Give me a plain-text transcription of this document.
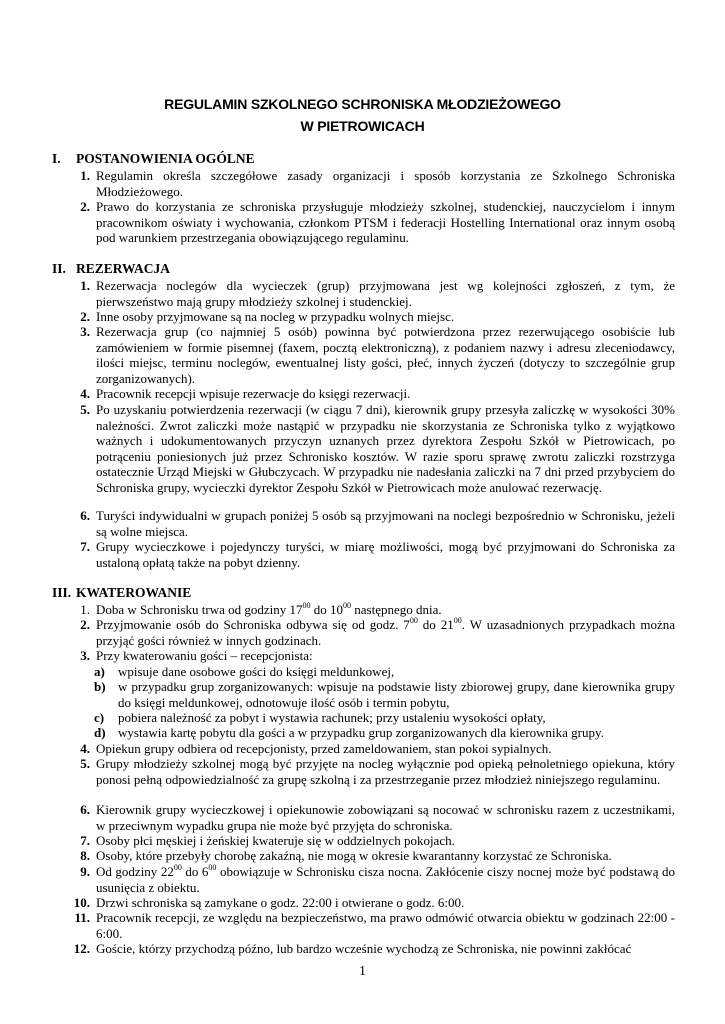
REGULAMIN SZKOLNEGO SCHRONISKA MŁODZIEŻOWEGO
W PIETROWICACH
I. POSTANOWIENIA OGÓLNE
1. Regulamin określa szczegółowe zasady organizacji i sposób korzystania ze Szkolnego Schroniska Młodzieżowego.
2. Prawo do korzystania ze schroniska przysługuje młodzieży szkolnej, studenckiej, nauczycielom i innym pracownikom oświaty i wychowania, członkom PTSM i federacji Hostelling International oraz innym osobą pod warunkiem przestrzegania obowiązującego regulaminu.
II. REZERWACJA
1. Rezerwacja noclegów dla wycieczek (grup) przyjmowana jest wg kolejności zgłoszeń, z tym, że pierwszeństwo mają grupy młodzieży szkolnej i studenckiej.
2. Inne osoby przyjmowane są na nocleg w przypadku wolnych miejsc.
3. Rezerwacja grup (co najmniej 5 osób) powinna być potwierdzona przez rezerwującego osobiście lub zamówieniem w formie pisemnej (faxem, pocztą elektroniczną), z podaniem nazwy i adresu zleceniodawcy, ilości miejsc, terminu noclegów, ewentualnej listy gości, płeć, innych życzeń (dotyczy to szczególnie grup zorganizowanych).
4. Pracownik recepcji wpisuje rezerwacje do księgi rezerwacji.
5. Po uzyskaniu potwierdzenia rezerwacji (w ciągu 7 dni), kierownik grupy przesyła zaliczkę w wysokości 30% należności. Zwrot zaliczki może nastąpić w przypadku nie skorzystania ze Schroniska tylko z wyjątkowo ważnych i udokumentowanych przyczyn uznanych przez dyrektora Zespołu Szkół w Pietrowicach, po potrąceniu poniesionych już przez Schronisko kosztów. W razie sporu sprawę zwrotu zaliczki rozstrzyga ostatecznie Urząd Miejski w Głubczycach. W przypadku nie nadesłania zaliczki na 7 dni przed przybyciem do Schroniska grupy, wycieczki dyrektor Zespołu Szkół w Pietrowicach może anulować rezerwację.
6. Turyści indywidualni w grupach poniżej 5 osób są przyjmowani na noclegi bezpośrednio w Schronisku, jeżeli są wolne miejsca.
7. Grupy wycieczkowe i pojedynczy turyści, w miarę możliwości, mogą być przyjmowani do Schroniska za ustaloną opłatą także na pobyt dzienny.
III. KWATEROWANIE
1. Doba w Schronisku trwa od godziny $17^{00}$ do $10^{00}$ następnego dnia.
2. Przyjmowanie osób do Schroniska odbywa się od godz. $7^{00}$ do $21^{00}$. W uzasadnionych przypadkach można przyjąć gości również w innych godzinach.
3. Przy kwaterowaniu gości – recepcjonista:
a)	wpisuje dane osobowe gości do księgi meldunkowej,
b) w przypadku grup zorganizowanych: wpisuje na podstawie listy zbiorowej grupy, dane kierownika grupy do księgi meldunkowej, odnotowuje ilość osób i termin pobytu,
c)	pobiera należność za pobyt i wystawia rachunek; przy ustaleniu wysokości opłaty,
d) wystawia kartę pobytu dla gości a w przypadku grup zorganizowanych dla kierownika grupy.
4. Opiekun grupy odbiera od recepcjonisty, przed zameldowaniem, stan pokoi sypialnych.
5. Grupy młodzieży szkolnej mogą być przyjęte na nocleg wyłącznie pod opieką pełnoletniego opiekuna, który ponosi pełną odpowiedzialność za grupę szkolną i za przestrzeganie przez młodzież niniejszego regulaminu.
6. Kierownik grupy wycieczkowej i opiekunowie zobowiązani są nocować w schronisku razem z uczestnikami, w przeciwnym wypadku grupa nie może być przyjęta do schroniska.
7. Osoby płci męskiej i żeńskiej kwateruje się w oddzielnych pokojach.
8. Osoby, które przebyły chorobę zakaźną, nie mogą w okresie kwarantanny korzystać ze Schroniska.
9. Od godziny $22^{00}$ do $6^{00}$ obowiązuje w Schronisku cisza nocna. Zakłócenie ciszy nocnej może być podstawą do usunięcia z obiektu.
10. Drzwi schroniska są zamykane o godz. 22:00 i otwierane o godz. 6:00.
11. Pracownik recepcji, ze względu na bezpieczeństwo, ma prawo odmówić otwarcia obiektu w godzinach 22:00 - 6:00.
12. Goście, którzy przychodzą późno, lub bardzo wcześnie wychodzą ze Schroniska, nie powinni zakłócać
1
